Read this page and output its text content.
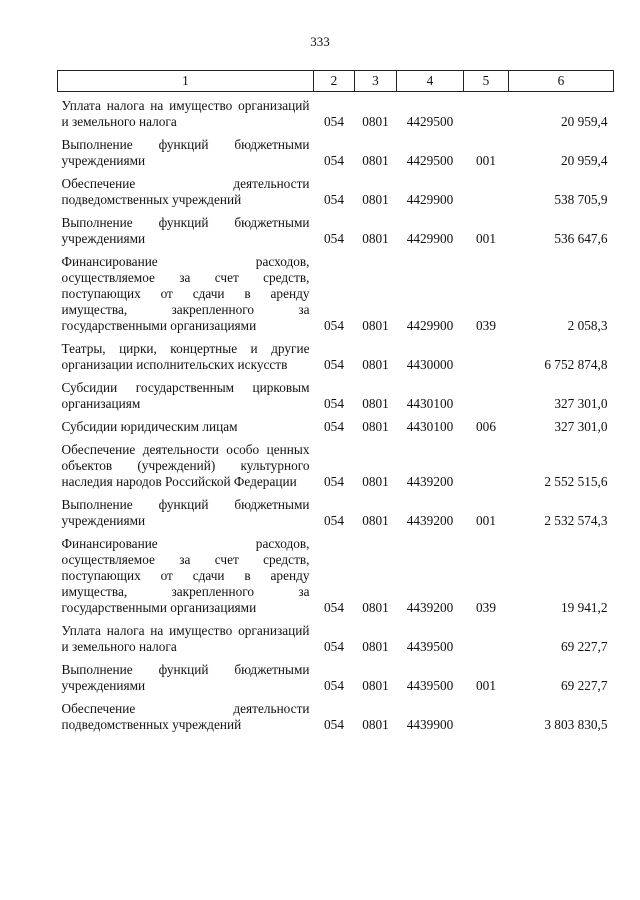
333
1	2	3	4	5	6
Уплата налога на имущество организаций и земельного налога	054	0801	4429500		20 959,4
Выполнение функций бюджетными учреждениями	054	0801	4429500	001	20 959,4
Обеспечение деятельности подведомственных учреждений	054	0801	4429900		538 705,9
Выполнение функций бюджетными учреждениями	054	0801	4429900	001	536 647,6
Финансирование расходов, осуществляемое за счет средств, поступающих от сдачи в аренду имущества, закрепленного за государственными организациями	054	0801	4429900	039	2 058,3
Театры, цирки, концертные и другие организации исполнительских искусств	054	0801	4430000		6 752 874,8
Субсидии государственным цирковым организациям	054	0801	4430100		327 301,0
Субсидии юридическим лицам	054	0801	4430100	006	327 301,0
Обеспечение деятельности особо ценных объектов (учреждений) культурного наследия народов Российской Федерации	054	0801	4439200		2 552 515,6
Выполнение функций бюджетными учреждениями	054	0801	4439200	001	2 532 574,3
Финансирование расходов, осуществляемое за счет средств, поступающих от сдачи в аренду имущества, закрепленного за государственными организациями	054	0801	4439200	039	19 941,2
Уплата налога на имущество организаций и земельного налога	054	0801	4439500		69 227,7
Выполнение функций бюджетными учреждениями	054	0801	4439500	001	69 227,7
Обеспечение деятельности подведомственных учреждений	054	0801	4439900		3 803 830,5
